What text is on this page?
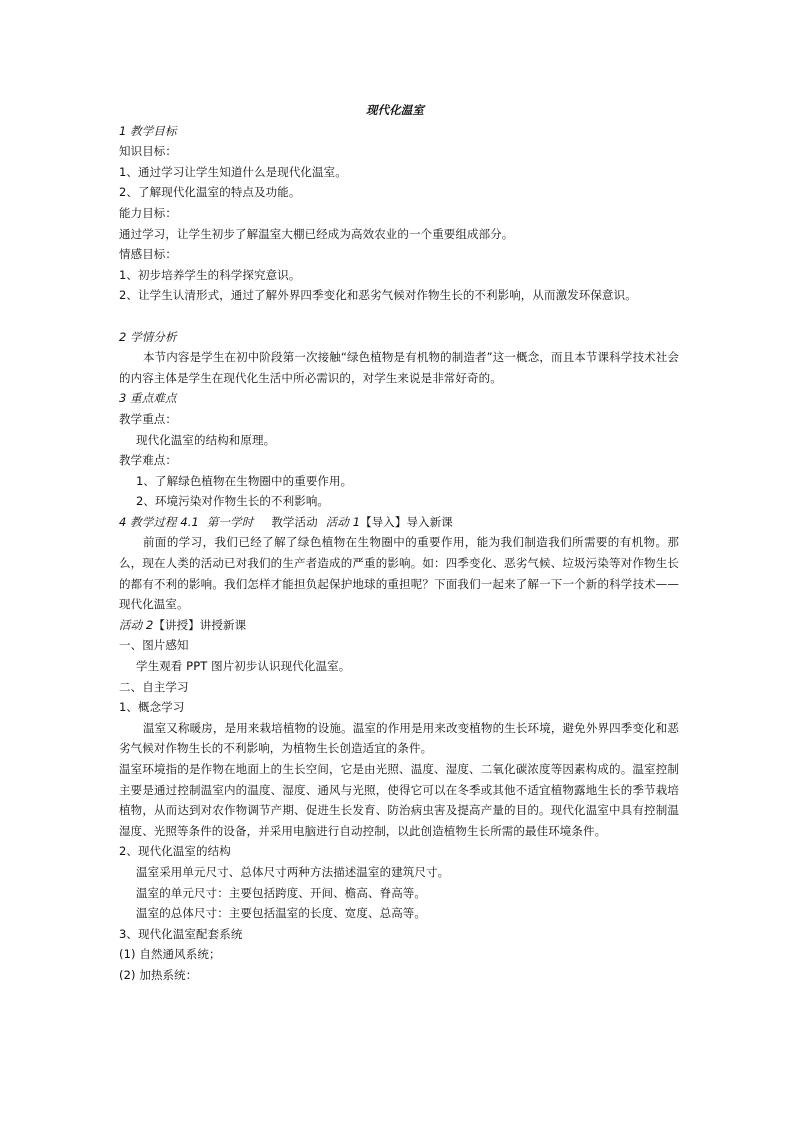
现代化温室
1 教学目标
知识目标：
1、通过学习让学生知道什么是现代化温室。
2、了解现代化温室的特点及功能。
能力目标：
通过学习，让学生初步了解温室大棚已经成为高效农业的一个重要组成部分。
情感目标：
1、初步培养学生的科学探究意识。
2、让学生认清形式，通过了解外界四季变化和恶劣气候对作物生长的不利影响，从而激发环保意识。
2 学情分析
本节内容是学生在初中阶段第一次接触“绿色植物是有机物的制造者”这一概念，而且本节课科学技术社会的内容主体是学生在现代化生活中所必需识的，对学生来说是非常好奇的。
3 重点难点
教学重点：
现代化温室的结构和原理。
教学难点：
1、了解绿色植物在生物圈中的重要作用。
2、环境污染对作物生长的不利影响。
4 教学过程 4.1 第一学时 教学活动 活动 1【导入】导入新课
前面的学习，我们已经了解了绿色植物在生物圈中的重要作用，能为我们制造我们所需要的有机物。那么，现在人类的活动已对我们的生产者造成的严重的影响。如：四季变化、恶劣气候、垃圾污染等对作物生长的都有不利的影响。我们怎样才能担负起保护地球的重担呢？下面我们一起来了解一下一个新的科学技术——现代化温室。
活动 2【讲授】讲授新课
一、图片感知
学生观看 PPT 图片初步认识现代化温室。
二、自主学习
1、概念学习
温室又称暖房，是用来栽培植物的设施。温室的作用是用来改变植物的生长环境，避免外界四季变化和恶劣气候对作物生长的不利影响，为植物生长创造适宜的条件。
温室环境指的是作物在地面上的生长空间，它是由光照、温度、湿度、二氧化碳浓度等因素构成的。温室控制主要是通过控制温室内的温度、湿度、通风与光照，使得它可以在冬季或其他不适宜植物露地生长的季节栽培植物，从而达到对农作物调节产期、促进生长发育、防治病虫害及提高产量的目的。现代化温室中具有控制温湿度、光照等条件的设备，并采用电脑进行自动控制，以此创造植物生长所需的最佳环境条件。
2、现代化温室的结构
温室采用单元尺寸、总体尺寸两种方法描述温室的建筑尺寸。
温室的单元尺寸：主要包括跨度、开间、檐高、脊高等。
温室的总体尺寸：主要包括温室的长度、宽度、总高等。
3、现代化温室配套系统
(1) 自然通风系统；
(2) 加热系统：
